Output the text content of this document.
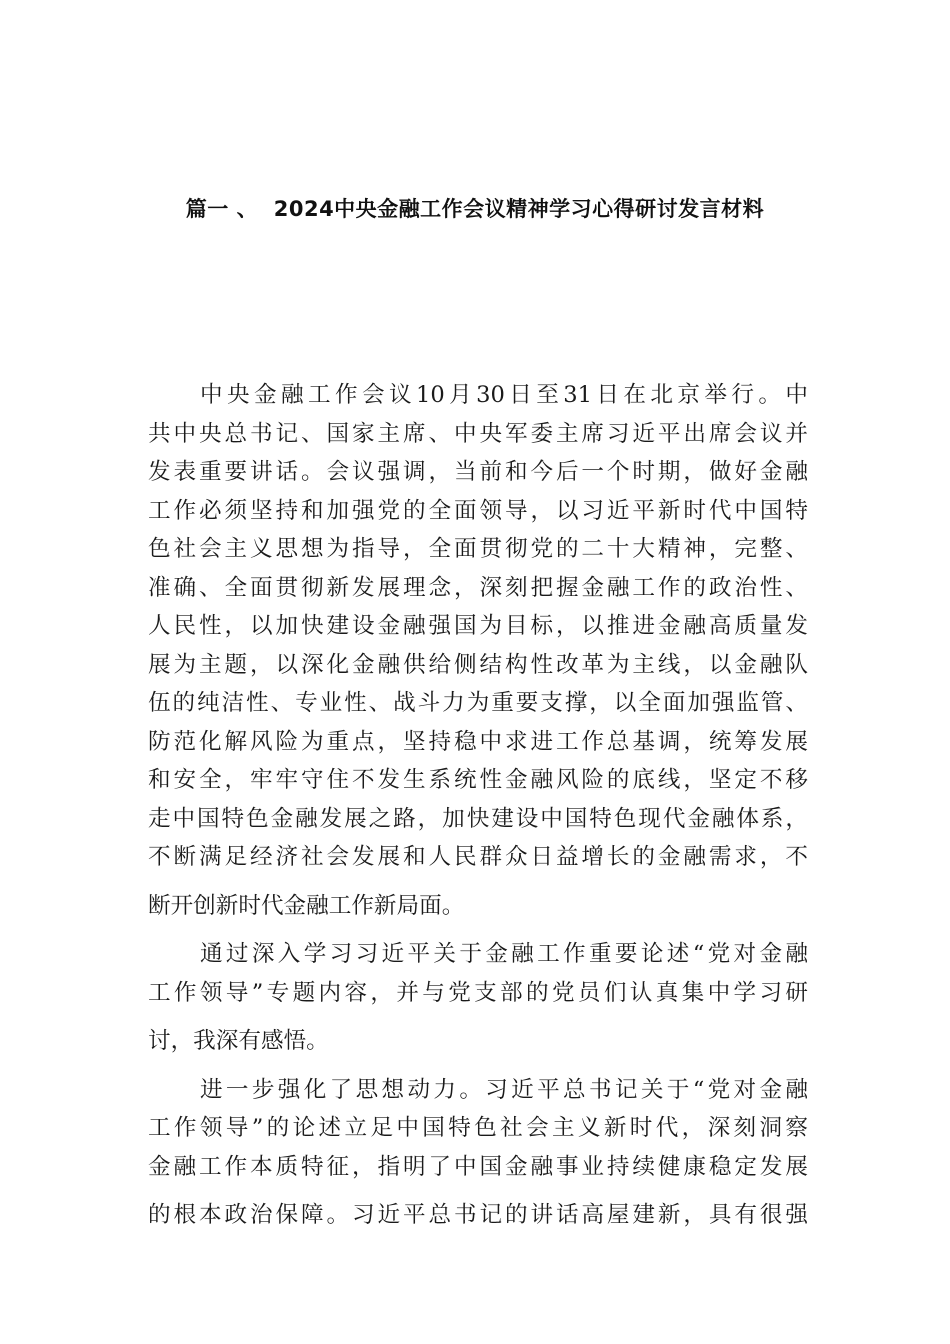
篇一 、  2024中央金融工作会议精神学习心得研讨发言材料
中央金融工作会议10月30日至31日在北京举行。中
共中央总书记、国家主席、中央军委主席习近平出席会议并
发表重要讲话。会议强调，当前和今后一个时期，做好金融
工作必须坚持和加强党的全面领导，以习近平新时代中国特
色社会主义思想为指导，全面贯彻党的二十大精神，完整、
准确、全面贯彻新发展理念，深刻把握金融工作的政治性、
人民性，以加快建设金融强国为目标，以推进金融高质量发
展为主题，以深化金融供给侧结构性改革为主线，以金融队
伍的纯洁性、专业性、战斗力为重要支撑，以全面加强监管、
防范化解风险为重点，坚持稳中求进工作总基调，统筹发展
和安全，牢牢守住不发生系统性金融风险的底线，坚定不移
走中国特色金融发展之路，加快建设中国特色现代金融体系，
不断满足经济社会发展和人民群众日益增长的金融需求，不
断开创新时代金融工作新局面。
通过深入学习习近平关于金融工作重要论述“党对金融
工作领导”专题内容，并与党支部的党员们认真集中学习研
讨，我深有感悟。
进一步强化了思想动力。习近平总书记关于“党对金融
工作领导”的论述立足中国特色社会主义新时代，深刻洞察
金融工作本质特征，指明了中国金融事业持续健康稳定发展
的根本政治保障。习近平总书记的讲话高屋建新，具有很强
